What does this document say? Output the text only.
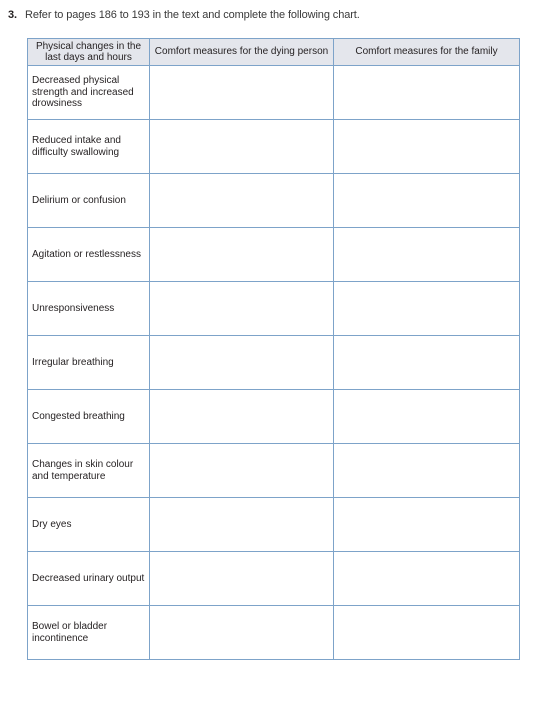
3. Refer to pages 186 to 193 in the text and complete the following chart.
Physical changes in the last days and hours	Comfort measures for the dying person	Comfort measures for the family
Decreased physical strength and increased drowsiness		
Reduced intake and difficulty swallowing		
Delirium or confusion		
Agitation or restlessness		
Unresponsiveness		
Irregular breathing		
Congested breathing		
Changes in skin colour and temperature		
Dry eyes		
Decreased urinary output		
Bowel or bladder incontinence		
